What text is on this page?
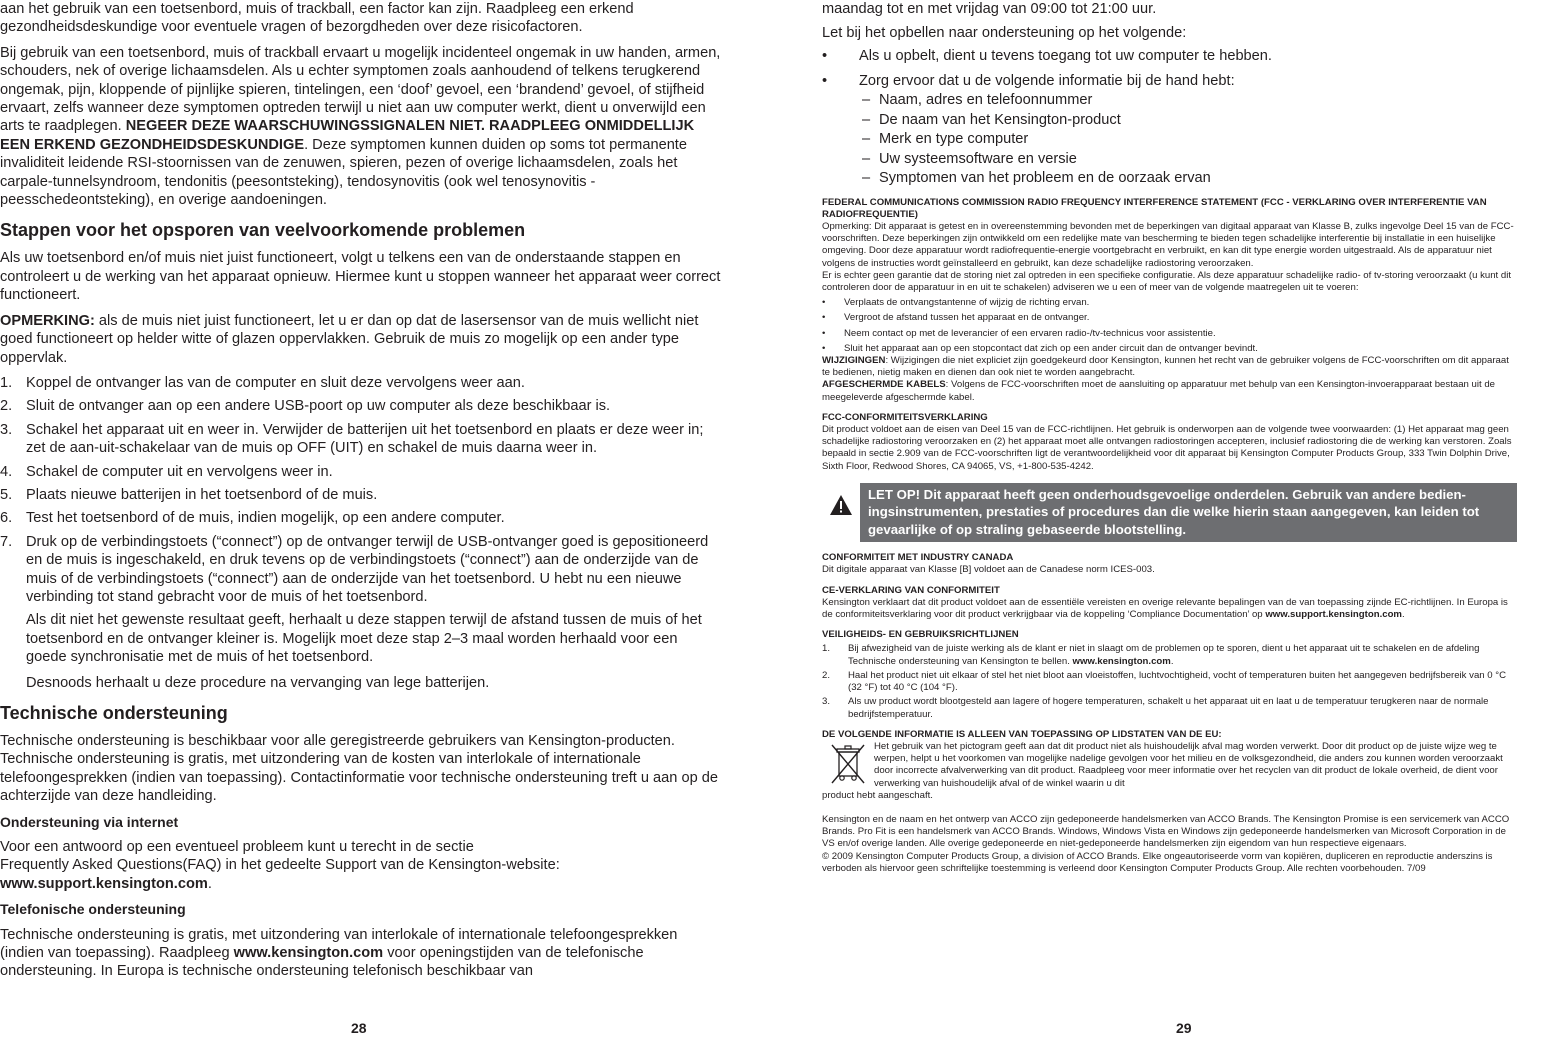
aan het gebruik van een toetsenbord, muis of trackball, een factor kan zijn. Raadpleeg een erkend gezondheidsdeskundige voor eventuele vragen of bezorgdheden over deze risicofactoren.

Bij gebruik van een toetsenbord, muis of trackball ervaart u mogelijk incidenteel ongemak in uw handen, armen, schouders, nek of overige lichaamsdelen. Als u echter symptomen zoals aanhoudend of telkens terugkerend ongemak, pijn, kloppende of pijnlijke spieren, tintelingen, een ‘doof’ gevoel, een ‘brandend’ gevoel, of stijfheid ervaart, zelfs wanneer deze symptomen optreden terwijl u niet aan uw computer werkt, dient u onverwijld een arts te raadplegen. NEGEER DEZE WAARSCHUWINGSSIGNALEN NIET. RAADPLEEG ONMIDDELLIJK EEN ERKEND GEZONDHEIDSDESKUNDIGE. Deze symptomen kunnen duiden op soms tot permanente invaliditeit leidende RSI-stoornissen van de zenuwen, spieren, pezen of overige lichaamsdelen, zoals het carpale-tunnelsyndroom, tendonitis (peesontsteking), tendosynovitis (ook wel tenosynovitis - peesschedeontsteking), en overige aandoeningen.

Stappen voor het opsporen van veelvoorkomende problemen

Als uw toetsenbord en/of muis niet juist functioneert, volgt u telkens een van de onderstaande stappen en controleert u de werking van het apparaat opnieuw. Hiermee kunt u stoppen wanneer het apparaat weer correct functioneert.

OPMERKING: als de muis niet juist functioneert, let u er dan op dat de lasersensor van de muis wellicht niet goed functioneert op helder witte of glazen oppervlakken. Gebruik de muis zo mogelijk op een ander type oppervlak.

1. Koppel de ontvanger las van de computer en sluit deze vervolgens weer aan.
2. Sluit de ontvanger aan op een andere USB-poort op uw computer als deze beschikbaar is.
3. Schakel het apparaat uit en weer in. Verwijder de batterijen uit het toetsenbord en plaats er deze weer in; zet de aan-uit-schakelaar van de muis op OFF (UIT) en schakel de muis daarna weer in.
4. Schakel de computer uit en vervolgens weer in.
5. Plaats nieuwe batterijen in het toetsenbord of de muis.
6. Test het toetsenbord of de muis, indien mogelijk, op een andere computer.
7. Druk op de verbindingstoets (“connect”) op de ontvanger terwijl de USB-ontvanger goed is gepositioneerd en de muis is ingeschakeld, en druk tevens op de verbindingstoets (“connect”) aan de onderzijde van de muis of de verbindingstoets (“connect”) aan de onderzijde van het toetsenbord. U hebt nu een nieuwe verbinding tot stand gebracht voor de muis of het toetsenbord.

Als dit niet het gewenste resultaat geeft, herhaalt u deze stappen terwijl de afstand tussen de muis of het toetsenbord en de ontvanger kleiner is. Mogelijk moet deze stap 2–3 maal worden herhaald voor een goede synchronisatie met de muis of het toetsenbord.

Desnoods herhaalt u deze procedure na vervanging van lege batterijen.

Technische ondersteuning

Technische ondersteuning is beschikbaar voor alle geregistreerde gebruikers van Kensington-producten. Technische ondersteuning is gratis, met uitzondering van de kosten van interlokale of internationale telefoongesprekken (indien van toepassing). Contactinformatie voor technische ondersteuning treft u aan op de achterzijde van deze handleiding.

Ondersteuning via internet

Voor een antwoord op een eventueel probleem kunt u terecht in de sectie
Frequently Asked Questions(FAQ) in het gedeelte Support van de Kensington-website:
www.support.kensington.com.

Telefonische ondersteuning

Technische ondersteuning is gratis, met uitzondering van interlokale of internationale telefoongesprekken (indien van toepassing). Raadpleeg www.kensington.com voor openingstijden van de telefonische ondersteuning. In Europa is technische ondersteuning telefonisch beschikbaar van

28

maandag tot en met vrijdag van 09:00 tot 21:00 uur.

Let bij het opbellen naar ondersteuning op het volgende:

• Als u opbelt, dient u tevens toegang tot uw computer te hebben.
• Zorg ervoor dat u de volgende informatie bij de hand hebt:
– Naam, adres en telefoonnummer
– De naam van het Kensington-product
– Merk en type computer
– Uw systeemsoftware en versie
– Symptomen van het probleem en de oorzaak ervan
FEDERAL COMMUNICATIONS COMMISSION RADIO FREQUENCY INTERFERENCE STATEMENT (FCC - VERKLARING OVER INTERFERENTIE VAN RADIOFREQUENTIE)

Opmerking: Dit apparaat is getest en in overeenstemming bevonden met de beperkingen van digitaal apparaat van Klasse B, zulks ingevolge Deel 15 van de FCC-voorschriften. Deze beperkingen zijn ontwikkeld om een redelijke mate van bescherming te bieden tegen schadelijke interferentie bij installatie in een huiselijke omgeving. Door deze apparatuur wordt radiofrequentie-energie voortgebracht en verbruikt, en kan dit type energie worden uitgestraald. Als de apparatuur niet volgens de instructies wordt geïnstalleerd en gebruikt, kan deze schadelijke radiostoring veroorzaken.

Er is echter geen garantie dat de storing niet zal optreden in een specifieke configuratie. Als deze apparatuur schadelijke radio- of tv-storing veroorzaakt (u kunt dit controleren door de apparatuur in en uit te schakelen) adviseren we u een of meer van de volgende maatregelen uit te voeren:

• Verplaats de ontvangstantenne of wijzig de richting ervan.
• Vergroot de afstand tussen het apparaat en de ontvanger.
• Neem contact op met de leverancier of een ervaren radio-/tv-technicus voor assistentie.
• Sluit het apparaat aan op een stopcontact dat zich op een ander circuit dan de ontvanger bevindt.

WIJZIGINGEN: Wijzigingen die niet expliciet zijn goedgekeurd door Kensington, kunnen het recht van de gebruiker volgens de FCC-voorschriften om dit apparaat te bedienen, nietig maken en dienen dan ook niet te worden aangebracht.

AFGESCHERMDE KABELS: Volgens de FCC-voorschriften moet de aansluiting op apparatuur met behulp van een Kensington-invoerapparaat bestaan uit de meegeleverde afgeschermde kabel.

FCC-CONFORMITEITSVERKLARING

Dit product voldoet aan de eisen van Deel 15 van de FCC-richtlijnen. Het gebruik is onderworpen aan de volgende twee voorwaarden: (1) Het apparaat mag geen schadelijke radiostoring veroorzaken en (2) het apparaat moet alle ontvangen radiostoringen accepteren, inclusief radiostoring die de werking kan verstoren. Zoals bepaald in sectie 2.909 van de FCC-voorschriften ligt de verantwoordelijkheid voor dit apparaat bij Kensington Computer Products Group, 333 Twin Dolphin Drive, Sixth Floor, Redwood Shores, CA 94065, VS, +1-800-535-4242.

LET OP! Dit apparaat heeft geen onderhoudsgevoelige onderdelen. Gebruik van andere bedien-ingsinstrumenten, prestaties of procedures dan die welke hierin staan aangegeven, kan leiden tot gevaarlijke of op straling gebaseerde blootstelling.
CONFORMITEIT MET INDUSTRY CANADA

Dit digitale apparaat van Klasse [B] voldoet aan de Canadese norm ICES-003.

CE-VERKLARING VAN CONFORMITEIT

Kensington verklaart dat dit product voldoet aan de essentiële vereisten en overige relevante bepalingen van de van toepassing zijnde EC-richtlijnen. In Europa is de conformiteitsverklaring voor dit product verkrijgbaar via de koppeling ‘Compliance Documentation’ op www.support.kensington.com.

VEILIGHEIDS- EN GEBRUIKSRICHTLIJNEN
1. Bij afwezigheid van de juiste werking als de klant er niet in slaagt om de problemen op te sporen, dient u het apparaat uit te schakelen en de afdeling Technische ondersteuning van Kensington te bellen. www.kensington.com.
2. Haal het product niet uit elkaar of stel het niet bloot aan vloeistoffen, luchtvochtigheid, vocht of temperaturen buiten het aangegeven bedrijfsbereik van 0 °C (32 °F) tot 40 °C (104 °F).
3. Als uw product wordt blootgesteld aan lagere of hogere temperaturen, schakelt u het apparaat uit en laat u de temperatuur terugkeren naar de normale bedrijfstemperatuur.
DE VOLGENDE INFORMATIE IS ALLEEN VAN TOEPASSING OP LIDSTATEN VAN DE EU:

Het gebruik van het pictogram geeft aan dat dit product niet als huishoudelijk afval mag worden verwerkt. Door dit product op de juiste wijze weg te werpen, helpt u het voorkomen van mogelijke nadelige gevolgen voor het milieu en de volksgezondheid, die anders zou kunnen worden veroorzaakt door incorrecte afvalverwerking van dit product. Raadpleeg voor meer informatie over het recyclen van dit product de lokale overheid, de dient voor verwerking van huishoudelijk afval of de winkel waarin u dit

product hebt aangeschaft.

Kensington en de naam en het ontwerp van ACCO zijn gedeponeerde handelsmerken van ACCO Brands. The Kensington Promise is een servicemerk van ACCO Brands. Pro Fit is een handelsmerk van ACCO Brands. Windows, Windows Vista en Windows zijn gedeponeerde handelsmerken van Microsoft Corporation in de VS en/of overige landen. Alle overige gedeponeerde en niet-gedeponeerde handelsmerken zijn eigendom van hun respectieve eigenaars.

© 2009 Kensington Computer Products Group, a division of ACCO Brands. Elke ongeautoriseerde vorm van kopiëren, dupliceren en reproductie anderszins is verboden als hiervoor geen schriftelijke toestemming is verleend door Kensington Computer Products Group. Alle rechten voorbehouden. 7/09

29
